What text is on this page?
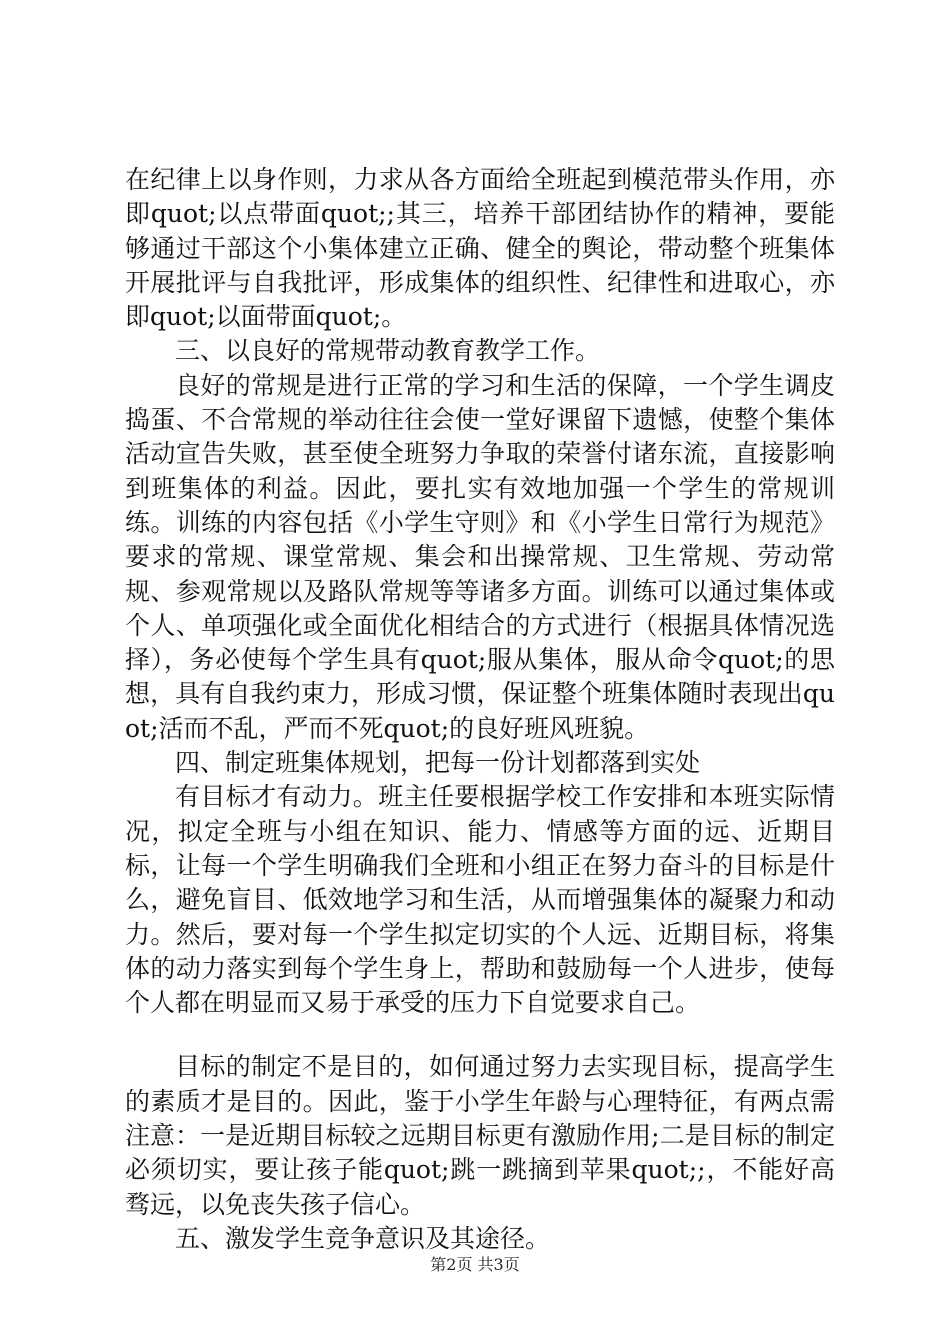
在纪律上以身作则，力求从各方面给全班起到模范带头作用，亦即quot;以点带面quot;;其三，培养干部团结协作的精神，要能够通过干部这个小集体建立正确、健全的舆论，带动整个班集体开展批评与自我批评，形成集体的组织性、纪律性和进取心，亦即quot;以面带面quot;。

三、以良好的常规带动教育教学工作。

良好的常规是进行正常的学习和生活的保障，一个学生调皮捣蛋、不合常规的举动往往会使一堂好课留下遗憾，使整个集体活动宣告失败，甚至使全班努力争取的荣誉付诸东流，直接影响到班集体的利益。因此，要扎实有效地加强一个学生的常规训练。训练的内容包括《小学生守则》和《小学生日常行为规范》要求的常规、课堂常规、集会和出操常规、卫生常规、劳动常规、参观常规以及路队常规等等诸多方面。训练可以通过集体或个人、单项强化或全面优化相结合的方式进行（根据具体情况选择），务必使每个学生具有quot;服从集体，服从命令quot;的思想，具有自我约束力，形成习惯，保证整个班集体随时表现出quot;活而不乱，严而不死quot;的良好班风班貌。

四、制定班集体规划，把每一份计划都落到实处

有目标才有动力。班主任要根据学校工作安排和本班实际情况，拟定全班与小组在知识、能力、情感等方面的远、近期目标，让每一个学生明确我们全班和小组正在努力奋斗的目标是什么，避免盲目、低效地学习和生活，从而增强集体的凝聚力和动力。然后，要对每一个学生拟定切实的个人远、近期目标，将集体的动力落实到每个学生身上，帮助和鼓励每一个人进步，使每个人都在明显而又易于承受的压力下自觉要求自己。

目标的制定不是目的，如何通过努力去实现目标，提高学生的素质才是目的。因此，鉴于小学生年龄与心理特征，有两点需注意：一是近期目标较之远期目标更有激励作用;二是目标的制定必须切实，要让孩子能quot;跳一跳摘到苹果quot;;，不能好高骛远，以免丧失孩子信心。

五、激发学生竞争意识及其途径。

第2页 共3页
